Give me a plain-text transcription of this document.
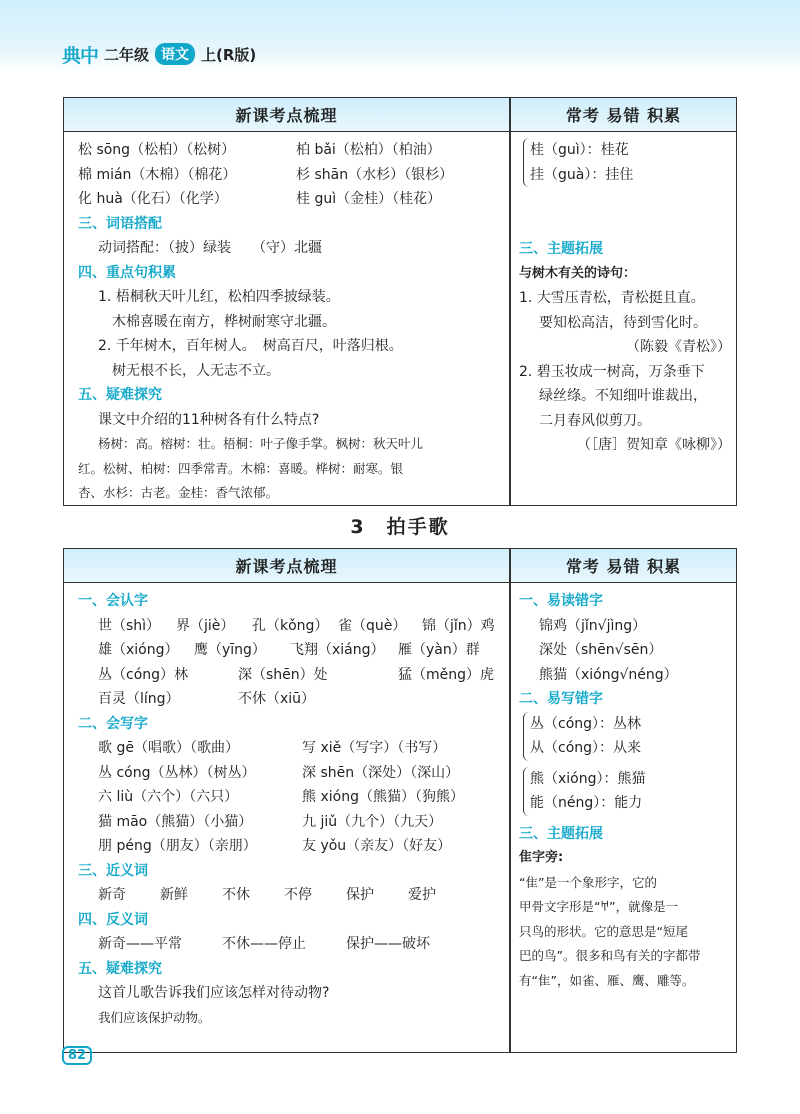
典中 二年级 语文 上(R版)
新课考点梳理	常考 易错 积累
松 sōng（松柏）（松树）	柏 bǎi（松柏）（柏油）
棉 mián（木棉）（棉花）	杉 shān（水杉）（银杉）
化 huà（化石）（化学）	桂 guì（金桂）（桂花）
三、词语搭配
动词搭配：（披）绿装　　（守）北疆
四、重点句积累
1. 梧桐秋天叶儿红，松柏四季披绿装。
木棉喜暖在南方，桦树耐寒守北疆。
2. 千年树木，百年树人。　树高百尺，叶落归根。
树无根不长，人无志不立。
五、疑难探究
课文中介绍的11种树各有什么特点?
杨树：高。榕树：壮。梧桐：叶子像手掌。枫树：秋天叶儿
红。松树、柏树：四季常青。木棉：喜暖。桦树：耐寒。银
杏、水杉：古老。金桂：香气浓郁。
桂（guì）：桂花
挂（guà）：挂住
三、主题拓展
与树木有关的诗句：
1. 大雪压青松，青松挺且直。
要知松高洁，待到雪化时。
（陈毅《青松》）
2. 碧玉妆成一树高，万条垂下
绿丝绦。不知细叶谁裁出，
二月春风似剪刀。
（［唐］贺知章《咏柳》）
3　拍手歌
新课考点梳理	常考 易错 积累
一、会认字
世（shì） 界（jiè） 孔（kǒng） 雀（què） 锦（jǐn）鸡
雄（xióng） 鹰（yīng） 飞翔（xiáng） 雁（yàn）群
丛（cóng）林	深（shēn）处	猛（měng）虎
百灵（líng）	不休（xiū）
二、会写字
歌 gē（唱歌）（歌曲）	写 xiě（写字）（书写）
丛 cóng（丛林）（树丛）	深 shēn（深处）（深山）
六 liù（六个）（六只）	熊 xióng（熊猫）（狗熊）
猫 māo（熊猫）（小猫）	九 jiǔ（九个）（九天）
朋 péng（朋友）（亲朋）	友 yǒu（亲友）（好友）
三、近义词
新奇 新鲜 不休 不停 保护 爱护
四、反义词
新奇——平常	不休——停止	保护——破坏
五、疑难探究
这首儿歌告诉我们应该怎样对待动物?
我们应该保护动物。
一、易读错字
锦鸡（jǐn√jìng）
深处（shēn√sēn）
熊猫（xióng√néng）
二、易写错字
丛（cóng）：丛林
从（cóng）：从来
熊（xióng）：熊猫
能（néng）：能力
三、主题拓展
隹字旁:
“隹”是一个象形字，它的
甲骨文字形是“𐀀”，就像是一
只鸟的形状。它的意思是“短尾
巴的鸟”。很多和鸟有关的字都带
有“隹”，如雀、雁、鹰、雕等。
82
